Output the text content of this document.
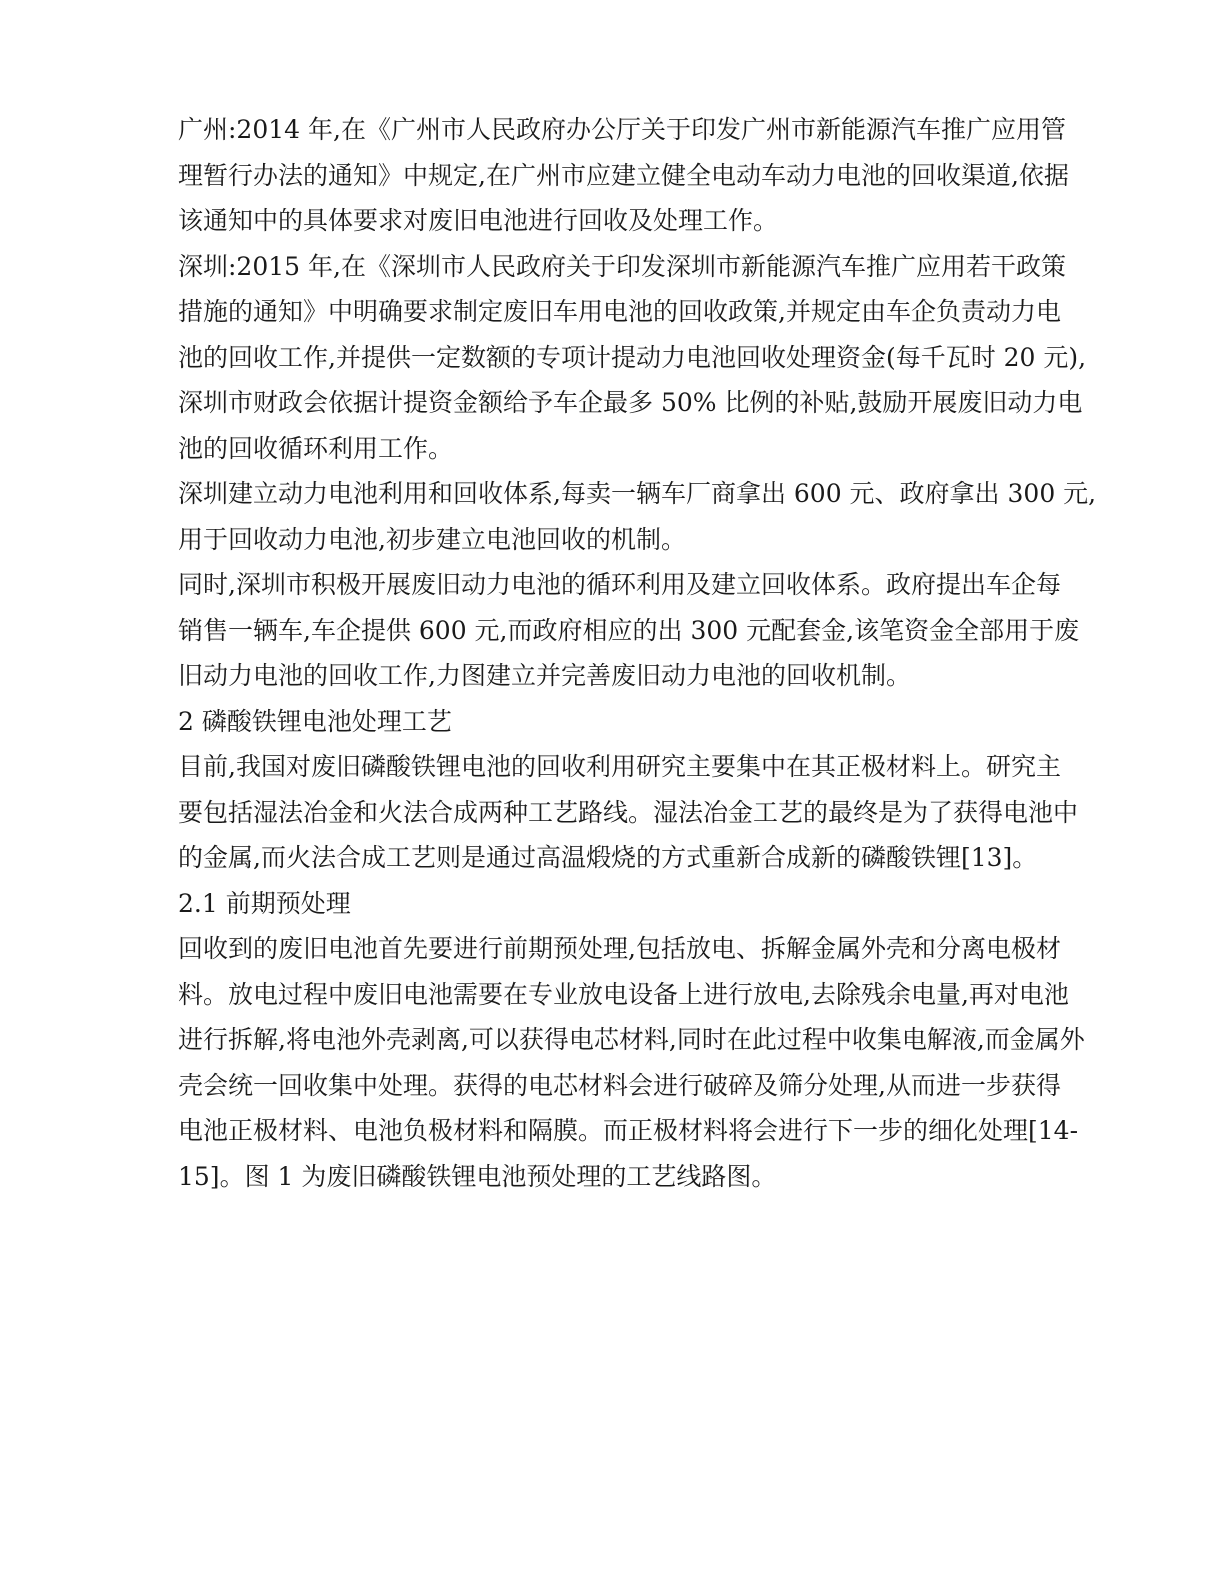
广州:2014 年,在《广州市人民政府办公厅关于印发广州市新能源汽车推广应用管
理暂行办法的通知》中规定,在广州市应建立健全电动车动力电池的回收渠道,依据
该通知中的具体要求对废旧电池进行回收及处理工作。
深圳:2015 年,在《深圳市人民政府关于印发深圳市新能源汽车推广应用若干政策
措施的通知》中明确要求制定废旧车用电池的回收政策,并规定由车企负责动力电
池的回收工作,并提供一定数额的专项计提动力电池回收处理资金(每千瓦时 20 元),
深圳市财政会依据计提资金额给予车企最多 50% 比例的补贴,鼓励开展废旧动力电
池的回收循环利用工作。
深圳建立动力电池利用和回收体系,每卖一辆车厂商拿出 600 元、政府拿出 300 元,
用于回收动力电池,初步建立电池回收的机制。
同时,深圳市积极开展废旧动力电池的循环利用及建立回收体系。政府提出车企每
销售一辆车,车企提供 600 元,而政府相应的出 300 元配套金,该笔资金全部用于废
旧动力电池的回收工作,力图建立并完善废旧动力电池的回收机制。
2 磷酸铁锂电池处理工艺
目前,我国对废旧磷酸铁锂电池的回收利用研究主要集中在其正极材料上。研究主
要包括湿法冶金和火法合成两种工艺路线。湿法冶金工艺的最终是为了获得电池中
的金属,而火法合成工艺则是通过高温煅烧的方式重新合成新的磷酸铁锂[13]。
2.1 前期预处理
回收到的废旧电池首先要进行前期预处理,包括放电、拆解金属外壳和分离电极材
料。放电过程中废旧电池需要在专业放电设备上进行放电,去除残余电量,再对电池
进行拆解,将电池外壳剥离,可以获得电芯材料,同时在此过程中收集电解液,而金属外
壳会统一回收集中处理。获得的电芯材料会进行破碎及筛分处理,从而进一步获得
电池正极材料、电池负极材料和隔膜。而正极材料将会进行下一步的细化处理[14-
15]。图 1 为废旧磷酸铁锂电池预处理的工艺线路图。
